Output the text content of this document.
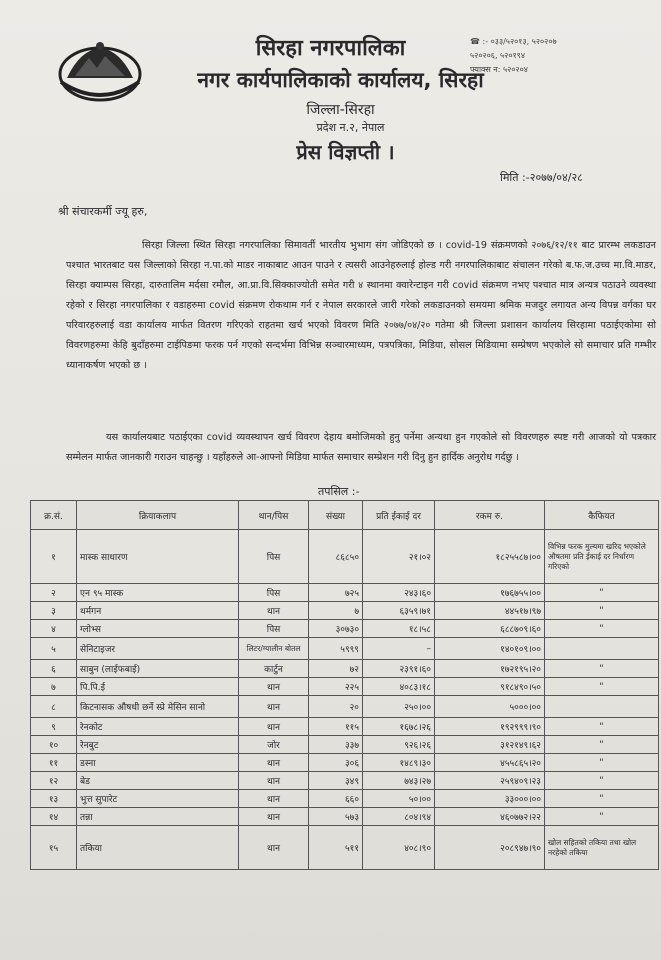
सिरहा नगरपालिका
नगर कार्यपालिकाको कार्यालय, सिरहा
जिल्ला-सिरहा
प्रदेश न.२, नेपाल
प्रेस विज्ञप्ती ।
☎ :- ०३३/५२०१३, ५२०२०७
५२०२०६, ५२०१९४
फ्याक्स न: ५२०२०४
मिति :-२०७७/०४/२८
श्री संचारकर्मी ज्यू हरु,
सिरहा जिल्ला स्थित सिरहा नगरपालिका सिमावर्ती भारतीय भुभाग संग जोडिएको छ । covid-19 संक्रमणको २०७६/१२/११ बाट प्रारम्भ लकडाउन पश्चात भारतबाट यस जिल्लाको सिरहा न.पा.को माडर नाकाबाट आउन पाउने र त्यसरी आउनेहरुलाई होल्ड गरी नगरपालिकाबाट संचालन गरेको ब.फ.ज.उच्च मा.वि.माडर, सिरहा क्याम्पस सिरहा, दारुतालिम मर्दसा रमौल, आ.प्रा.वि.सिक्काज्योती समेत गरी ४ स्थानमा क्वारेन्टाइन गरी covid संक्रमण नभए पश्चात मात्र अन्यत्र पठाउने व्यवस्था रहेको र सिरहा नगरपालिका र वडाहरुमा covid संक्रमण रोकथाम गर्न र नेपाल सरकारले जारी गरेको लकडाउनको समयमा श्रमिक मजदुर लगायत अन्य विपन्न वर्गका घर परिवारहरुलाई वडा कार्यालय मार्फत वितरण गरिएको राहतमा खर्च भएको विवरण मिति २०७७/०४/२० गतेमा श्री जिल्ला प्रशासन कार्यालय सिरहामा पठाईएकोमा सो विवरणहरुमा केहि बुदाँहरुमा टाईपिङमा फरक पर्न गएको सन्दर्भमा विभिन्न सञ्चारमाध्यम, पत्रपत्रिका, मिडिया, सोसल मिडियामा सम्प्रेषण भएकोले सो समाचार प्रति गम्भीर ध्यानाकर्षण भएको छ ।
यस कार्यालयबाट पठाईएका covid व्यवस्थापन खर्च विवरण देहाय बमोजिमको हुनु पर्नेमा अन्यथा हुन गएकोले सो विवरणहरु स्पष्ट गरी आजको यो पत्रकार सम्मेलन मार्फत जानकारी गराउन चाहन्छु । यहाँहरुले आ-आफ्नो मिडिया मार्फत समाचार सम्प्रेशन गरी दिनु हुन हार्दिक अनुरोध गर्दछु ।
तपसिल :-
क्र.सं.	क्रियाकलाप	थान/पिस	संख्या	प्रति ईकाई दर	रकम रु.	कैफियत
१	मास्क साधारण	पिस	८६८५०	२१।०२	१८२५५८७।००	विभिन्न फरक मुल्यमा खरिद भएकोले औषतमा प्रति ईकाई दर निर्धारण गरिएको
२	एन ९५ मास्क	पिस	७२५	२४३।६०	१७६७५५।००	"
३	थर्मगन	थान	७	६३५९।७१	४४५१७।९७	"
४	ग्लोभ्स	पिस	३०७३०	१८।५८	६८८७०९।६०	"
५	सेनिटाइजर	लिटर/ग्यालीन बोतल	५९९९	–	१४०१०९।००	
६	साबुन (लाईफबाई)	कार्टुन	७२	२३९१।६०	१७२१९५।२०	"
७	पि.पि.ई	थान	२२५	४०८३।१८	९१८४९०।५०	"
८	किटनासक औषधी छर्ने स्प्रे मेसिन सानो	थान	२०	२५०।००	५०००।००	
९	रेनकोट	थान	११५	१६७८।२६	१९२९९९।९०	"
१०	रेनबुट	जोर	३३७	९२६।२६	३१२१४९।६२	"
११	डस्ना	थान	३०६	१४८९।३०	४५५८६५।२०	"
१२	बेड	थान	३४९	७४३।२७	२५९४०९।२३	"
१३	भुत्त सुपारेट	थान	६६०	५०।००	३३०००।००	"
१४	तन्ना	थान	५७३	८०४।९४	४६०७७२।२२	"
१५	तकिया	थान	५११	४०८।९०	२०८९४७।९०	खोल सहितको तकिया तथा खोल नरहेको तकिया
